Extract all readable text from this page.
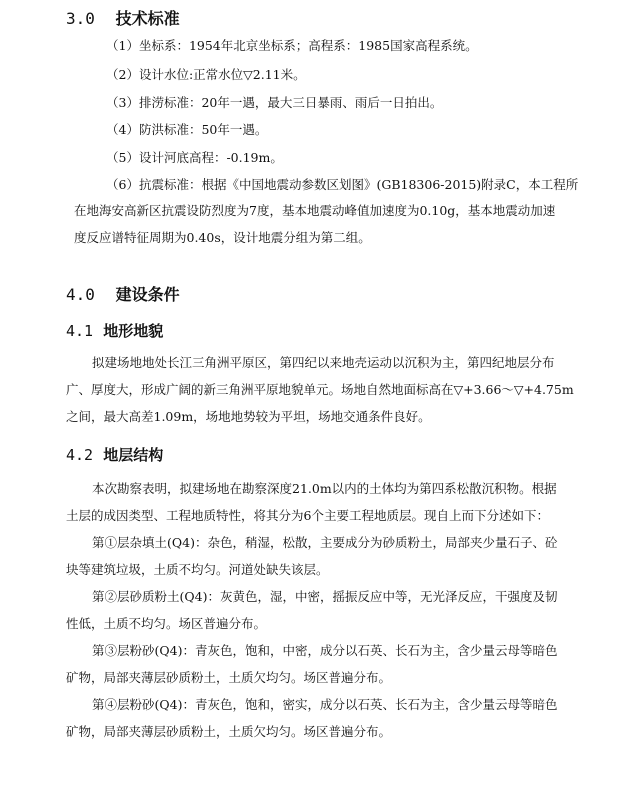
3.0 技术标准

（1）坐标系：1954年北京坐标系；高程系：1985国家高程系统。

（2）设计水位:正常水位▽2.11米。

（3）排涝标准：20年一遇，最大三日暴雨、雨后一日拍出。

（4）防洪标准：50年一遇。

（5）设计河底高程：-0.19m。

（6）抗震标准：根据《中国地震动参数区划图》(GB18306-2015)附录C，本工程所

在地海安高新区抗震设防烈度为7度，基本地震动峰值加速度为0.10g，基本地震动加速

度反应谱特征周期为0.40s，设计地震分组为第二组。

4.0 建设条件
4.1 地形地貌

拟建场地地处长江三角洲平原区，第四纪以来地壳运动以沉积为主，第四纪地层分布

广、厚度大，形成广阔的新三角洲平原地貌单元。场地自然地面标高在▽+3.66～▽+4.75m

之间，最大高差1.09m，场地地势较为平坦，场地交通条件良好。

4.2 地层结构

本次勘察表明，拟建场地在勘察深度21.0m以内的土体均为第四系松散沉积物。根据

土层的成因类型、工程地质特性，将其分为6个主要工程地质层。现自上而下分述如下：

第①层杂填土(Q4)：杂色，稍湿，松散，主要成分为砂质粉土，局部夹少量石子、砼

块等建筑垃圾，土质不均匀。河道处缺失该层。

第②层砂质粉土(Q4)：灰黄色，湿，中密，摇振反应中等，无光泽反应，干强度及韧

性低，土质不均匀。场区普遍分布。

第③层粉砂(Q4)：青灰色，饱和，中密，成分以石英、长石为主，含少量云母等暗色

矿物，局部夹薄层砂质粉土，土质欠均匀。场区普遍分布。

第④层粉砂(Q4)：青灰色，饱和，密实，成分以石英、长石为主，含少量云母等暗色

矿物，局部夹薄层砂质粉土，土质欠均匀。场区普遍分布。
